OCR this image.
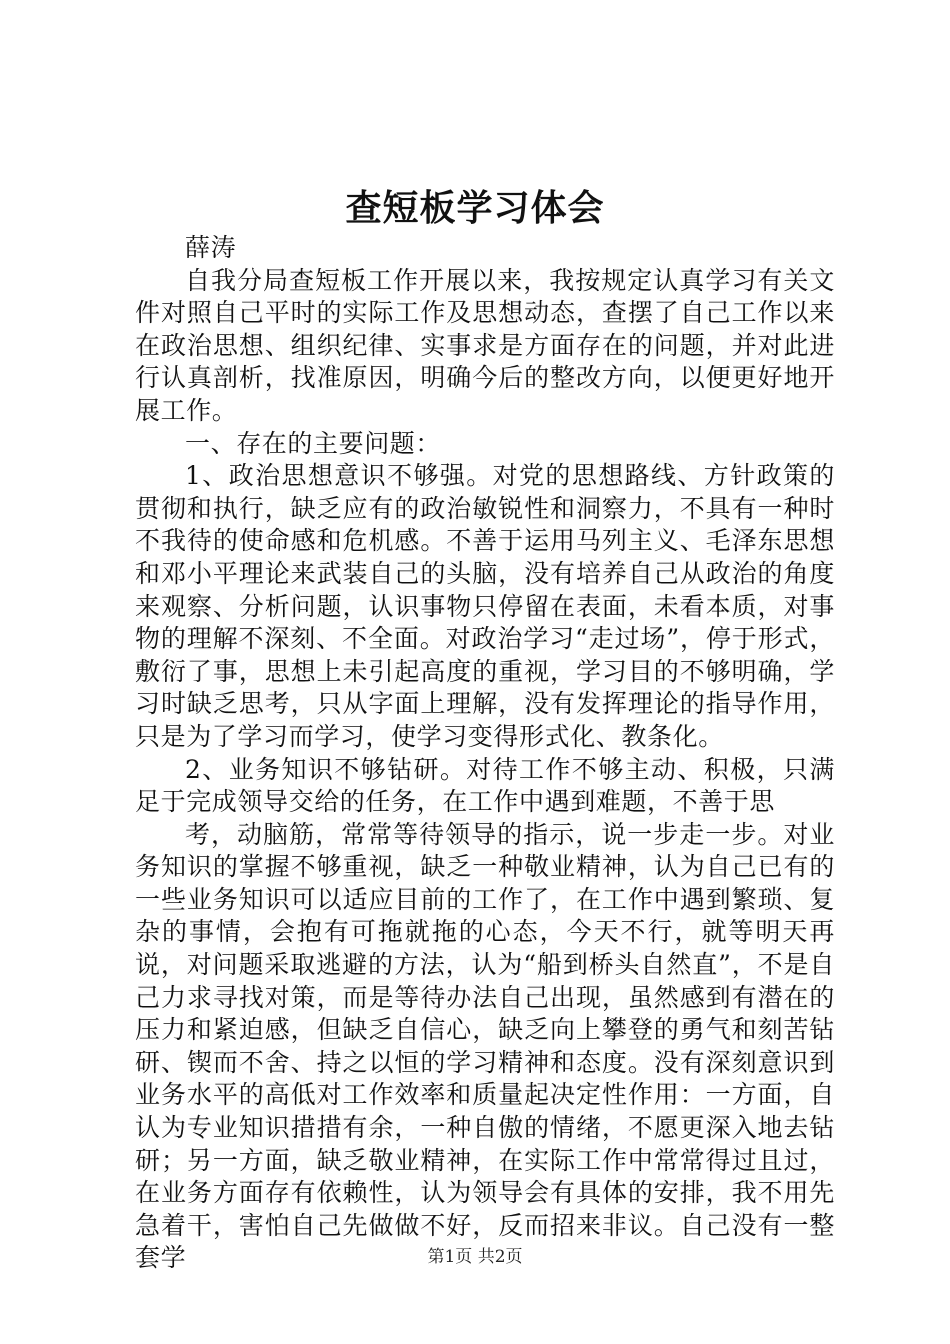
查短板学习体会

薛涛

自我分局查短板工作开展以来，我按规定认真学习有关文件对照自己平时的实际工作及思想动态，查摆了自己工作以来在政治思想、组织纪律、实事求是方面存在的问题，并对此进行认真剖析，找准原因，明确今后的整改方向，以便更好地开展工作。

一、存在的主要问题：

1、政治思想意识不够强。对党的思想路线、方针政策的贯彻和执行，缺乏应有的政治敏锐性和洞察力，不具有一种时不我待的使命感和危机感。不善于运用马列主义、毛泽东思想和邓小平理论来武装自己的头脑，没有培养自己从政治的角度来观察、分析问题，认识事物只停留在表面，未看本质，对事物的理解不深刻、不全面。对政治学习“走过场”，停于形式，敷衍了事，思想上未引起高度的重视，学习目的不够明确，学习时缺乏思考，只从字面上理解，没有发挥理论的指导作用，只是为了学习而学习，使学习变得形式化、教条化。

2、业务知识不够钻研。对待工作不够主动、积极，只满足于完成领导交给的任务，在工作中遇到难题，不善于思

考，动脑筋，常常等待领导的指示，说一步走一步。对业务知识的掌握不够重视，缺乏一种敬业精神，认为自己已有的一些业务知识可以适应目前的工作了，在工作中遇到繁琐、复杂的事情，会抱有可拖就拖的心态，今天不行，就等明天再说，对问题采取逃避的方法，认为“船到桥头自然直”，不是自己力求寻找对策，而是等待办法自己出现，虽然感到有潜在的压力和紧迫感，但缺乏自信心，缺乏向上攀登的勇气和刻苦钻研、锲而不舍、持之以恒的学习精神和态度。没有深刻意识到业务水平的高低对工作效率和质量起决定性作用：一方面，自认为专业知识措措有余，一种自傲的情绪，不愿更深入地去钻研；另一方面，缺乏敬业精神，在实际工作中常常得过且过，在业务方面存有依赖性，认为领导会有具体的安排，我不用先急着干，害怕自己先做做不好，反而招来非议。自己没有一整套学	第1页 共2页
